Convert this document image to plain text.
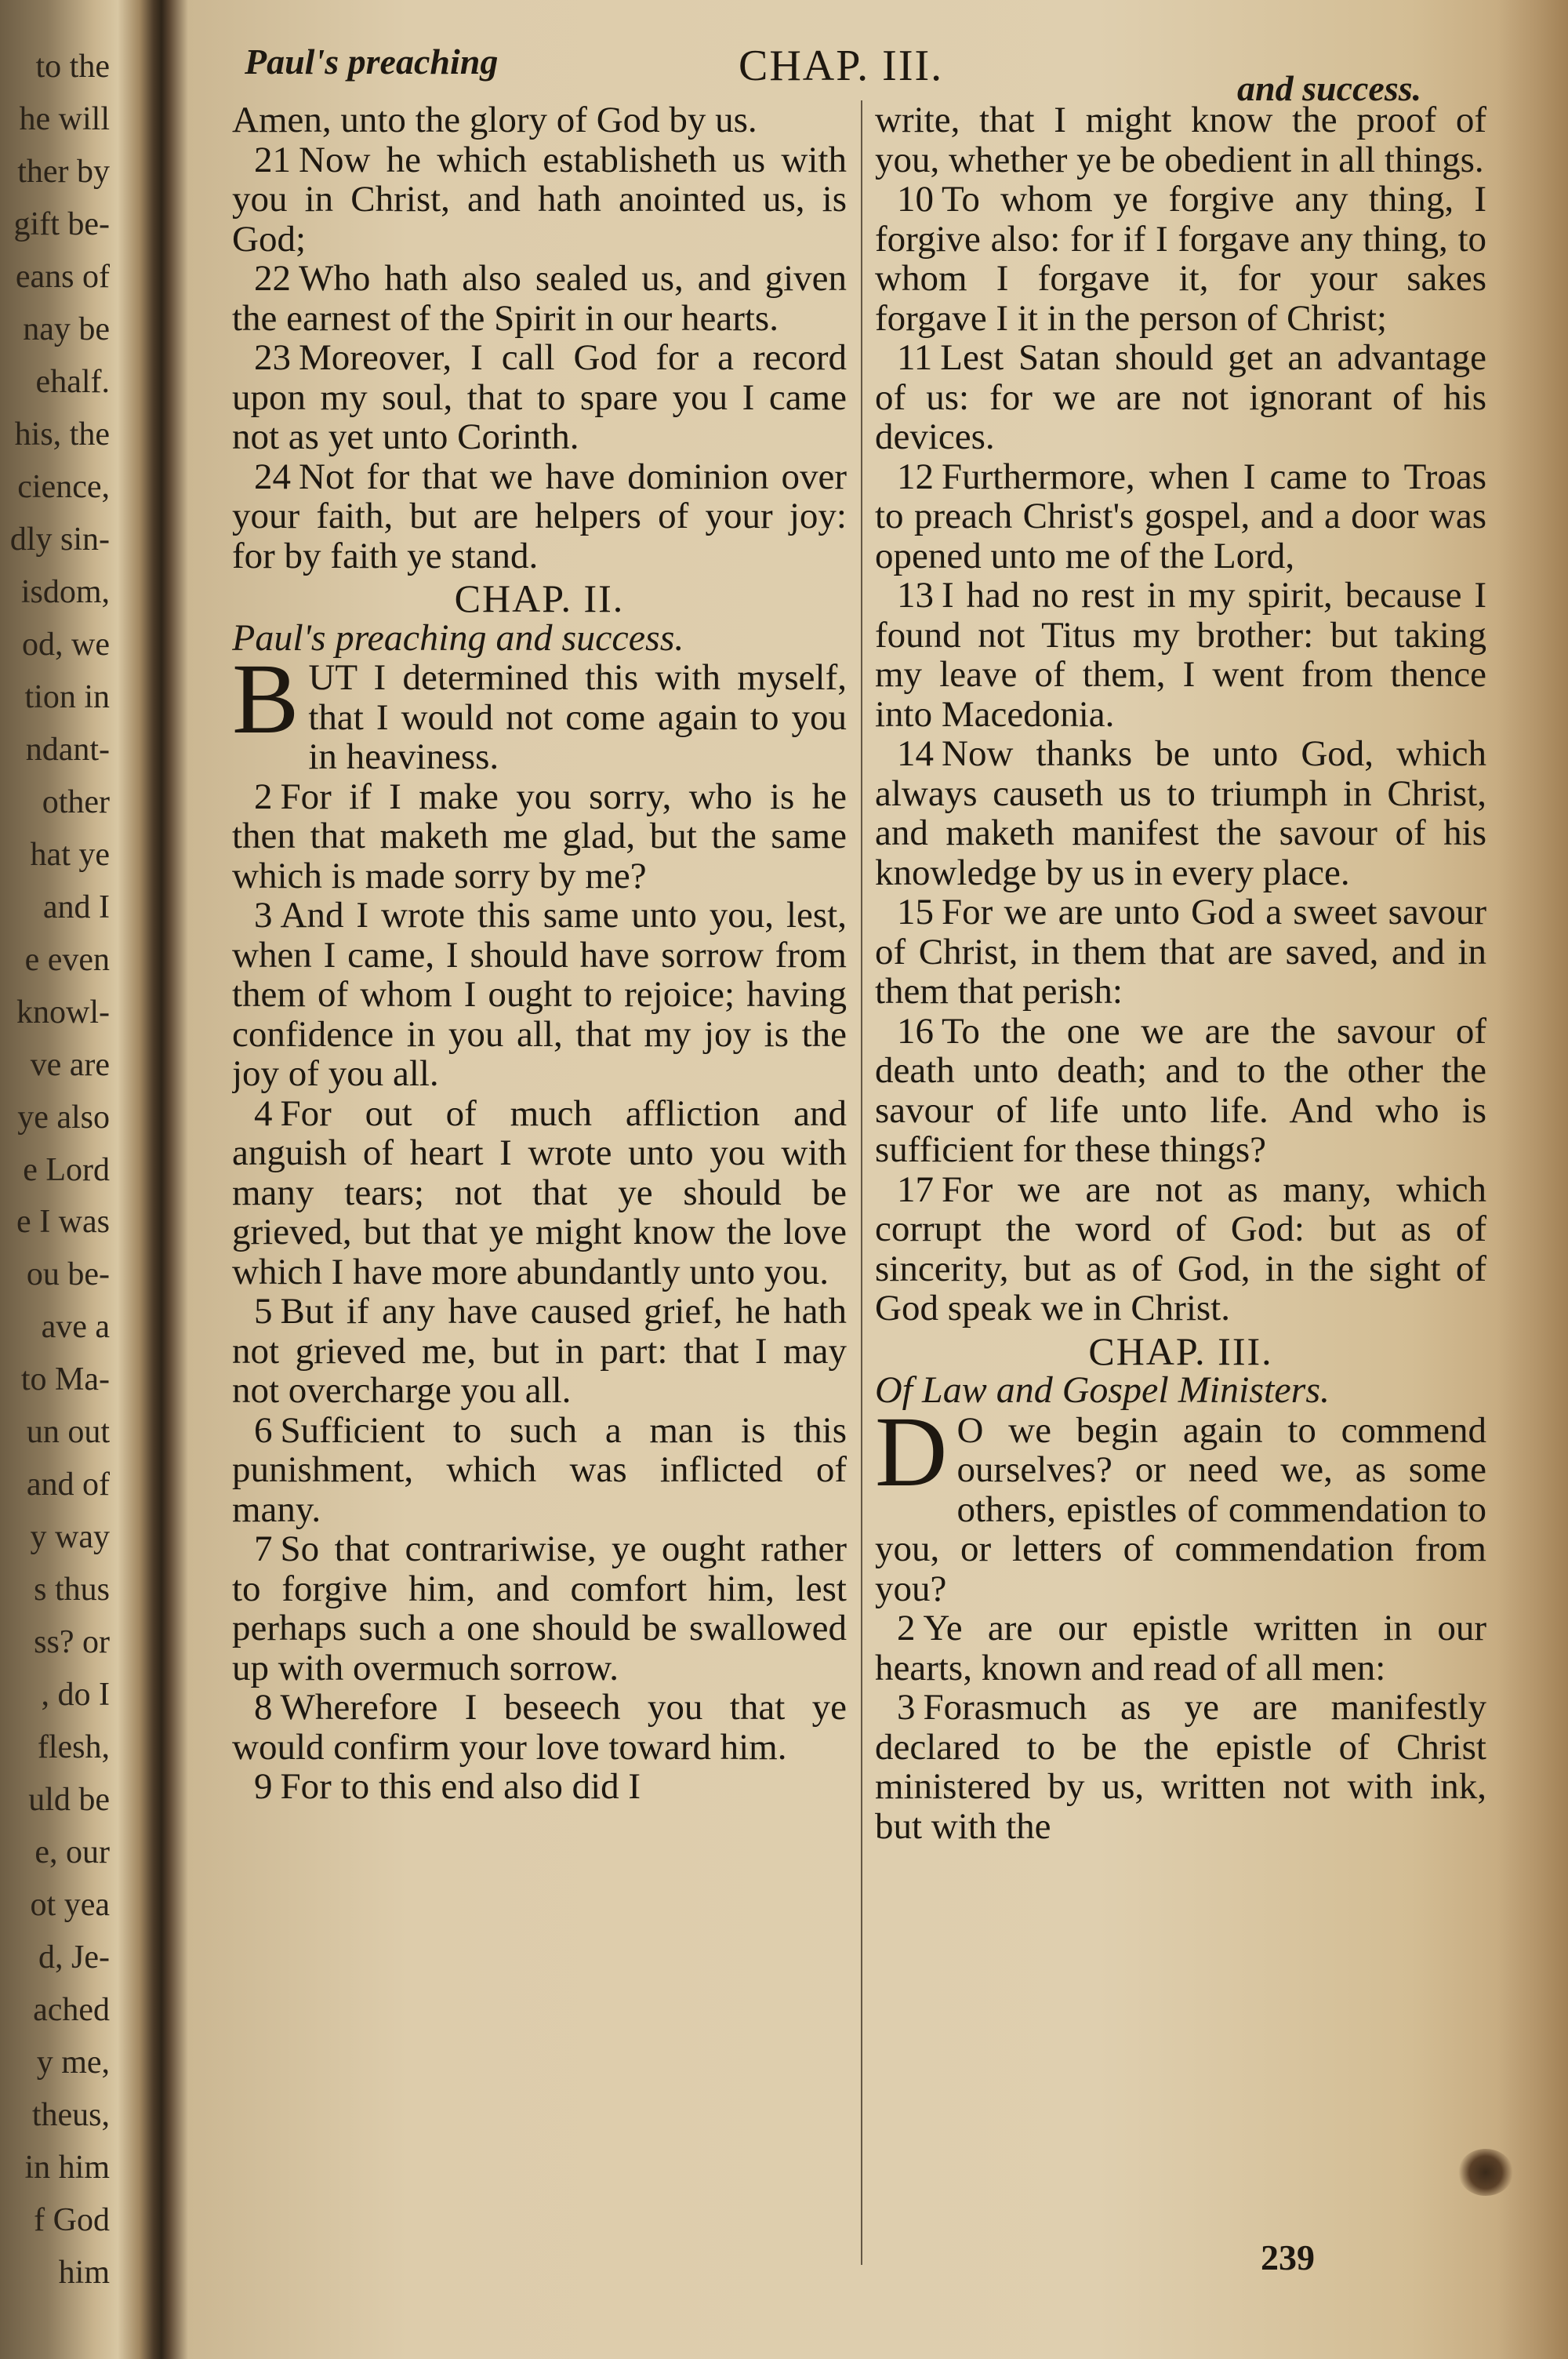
to the
he will
ther by
gift be-
eans of
nay be
ehalf.
his, the
cience,
dly sin-
isdom,
od, we
tion in
ndant-
other
hat ye
and I
e even
knowl-
ve are
ye also
e Lord
e I was
ou be-
ave a
to Ma-
un out
and of
y way
s thus
ss? or
, do I
flesh,
uld be
e, our
ot yea
d, Je-
ached
y me,
theus,
in him
f God
him
Paul's preaching	CHAP. III.	and success.

Amen, unto the glory of God by us.

21 Now he which establisheth us with you in Christ, and hath anointed us, is God;

22 Who hath also sealed us, and given the earnest of the Spirit in our hearts.

23 Moreover, I call God for a record upon my soul, that to spare you I came not as yet unto Corinth.

24 Not for that we have dominion over your faith, but are helpers of your joy: for by faith ye stand.

CHAP. II.

Paul's preaching and success.

BUT I determined this with myself, that I would not come again to you in heaviness.

2 For if I make you sorry, who is he then that maketh me glad, but the same which is made sorry by me?

3 And I wrote this same unto you, lest, when I came, I should have sorrow from them of whom I ought to rejoice; having confidence in you all, that my joy is the joy of you all.

4 For out of much affliction and anguish of heart I wrote unto you with many tears; not that ye should be grieved, but that ye might know the love which I have more abundantly unto you.

5 But if any have caused grief, he hath not grieved me, but in part: that I may not overcharge you all.

6 Sufficient to such a man is this punishment, which was inflicted of many.

7 So that contrariwise, ye ought rather to forgive him, and comfort him, lest perhaps such a one should be swallowed up with overmuch sorrow.

8 Wherefore I beseech you that ye would confirm your love toward him.

9 For to this end also did I

write, that I might know the proof of you, whether ye be obedient in all things.

10 To whom ye forgive any thing, I forgive also: for if I forgave any thing, to whom I forgave it, for your sakes forgave I it in the person of Christ;

11 Lest Satan should get an advantage of us: for we are not ignorant of his devices.

12 Furthermore, when I came to Troas to preach Christ's gospel, and a door was opened unto me of the Lord,

13 I had no rest in my spirit, because I found not Titus my brother: but taking my leave of them, I went from thence into Macedonia.

14 Now thanks be unto God, which always causeth us to triumph in Christ, and maketh manifest the savour of his knowledge by us in every place.

15 For we are unto God a sweet savour of Christ, in them that are saved, and in them that perish:

16 To the one we are the savour of death unto death; and to the other the savour of life unto life. And who is sufficient for these things?

17 For we are not as many, which corrupt the word of God: but as of sincerity, but as of God, in the sight of God speak we in Christ.

CHAP. III.

Of Law and Gospel Ministers.

D O we begin again to commend ourselves? or need we, as some others, epistles of commendation to you, or letters of commendation from you?

2 Ye are our epistle written in our hearts, known and read of all men:

3 Forasmuch as ye are manifestly declared to be the epistle of Christ ministered by us, written not with ink, but with the

239
